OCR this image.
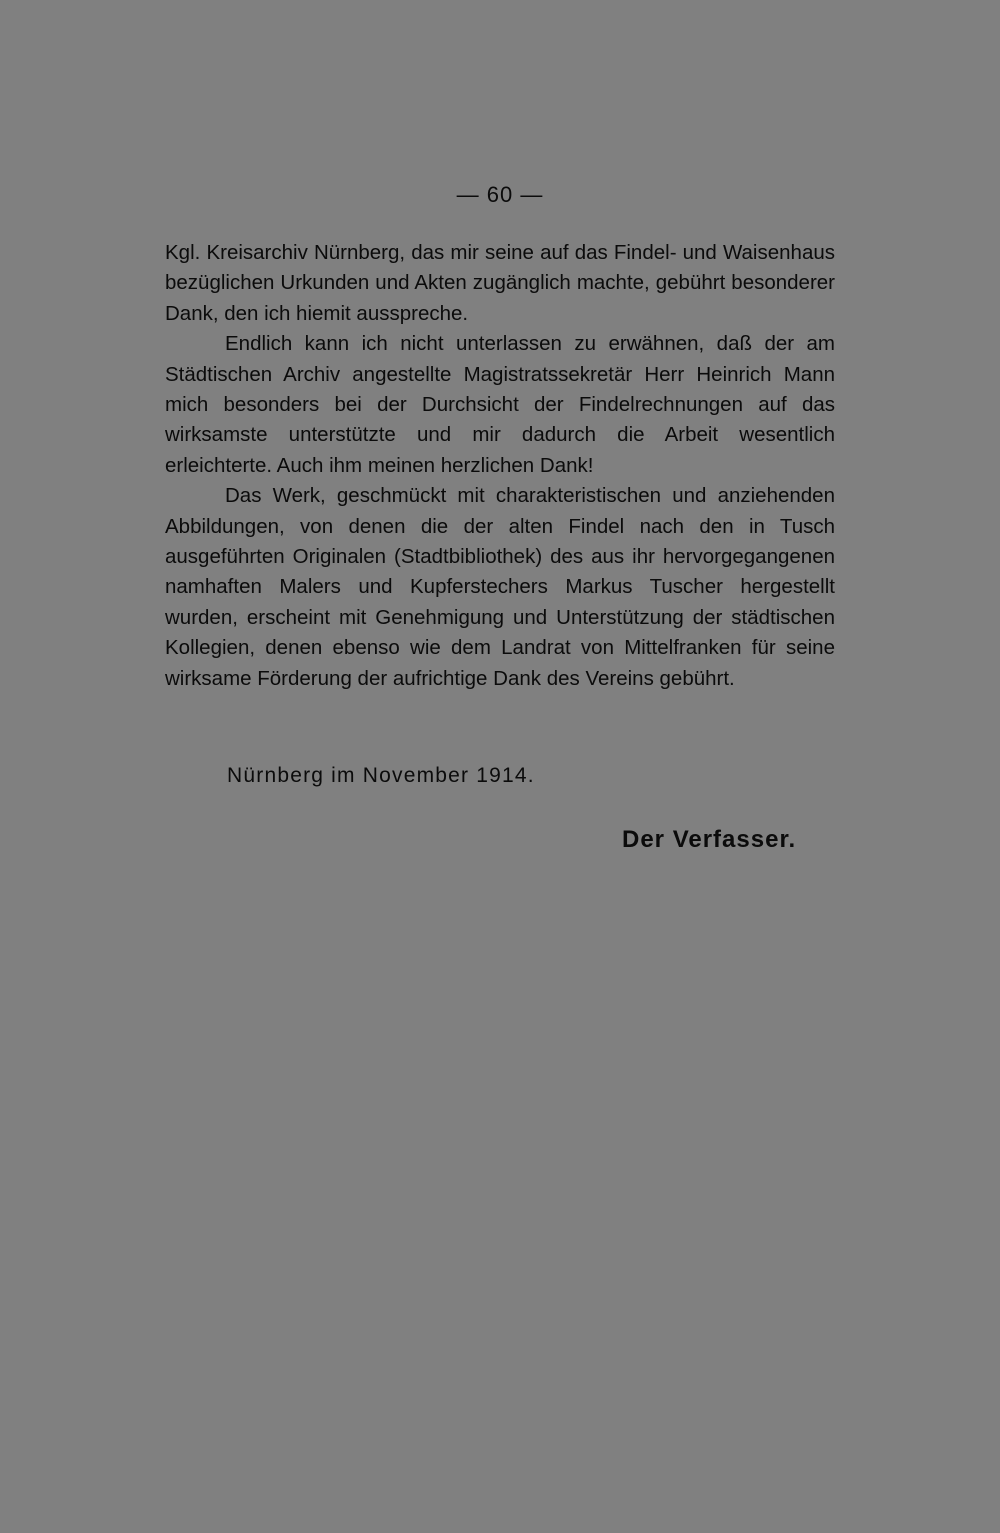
— 60 —

Kgl. Kreisarchiv Nürnberg, das mir seine auf das Findel- und Waisenhaus bezüglichen Urkunden und Akten zugänglich machte, gebührt besonderer Dank, den ich hiemit ausspreche.

Endlich kann ich nicht unterlassen zu erwähnen, daß der am Städtischen Archiv angestellte Magistratssekretär Herr Heinrich Mann mich besonders bei der Durchsicht der Findelrechnungen auf das wirksamste unterstützte und mir dadurch die Arbeit wesentlich erleichterte. Auch ihm meinen herzlichen Dank!

Das Werk, geschmückt mit charakteristischen und anziehenden Abbildungen, von denen die der alten Findel nach den in Tusch ausgeführten Originalen (Stadtbibliothek) des aus ihr hervorgegangenen namhaften Malers und Kupferstechers Markus Tuscher hergestellt wurden, erscheint mit Genehmigung und Unterstützung der städtischen Kollegien, denen ebenso wie dem Landrat von Mittelfranken für seine wirksame Förderung der aufrichtige Dank des Vereins gebührt.

Nürnberg im November 1914.
Der Verfasser.
